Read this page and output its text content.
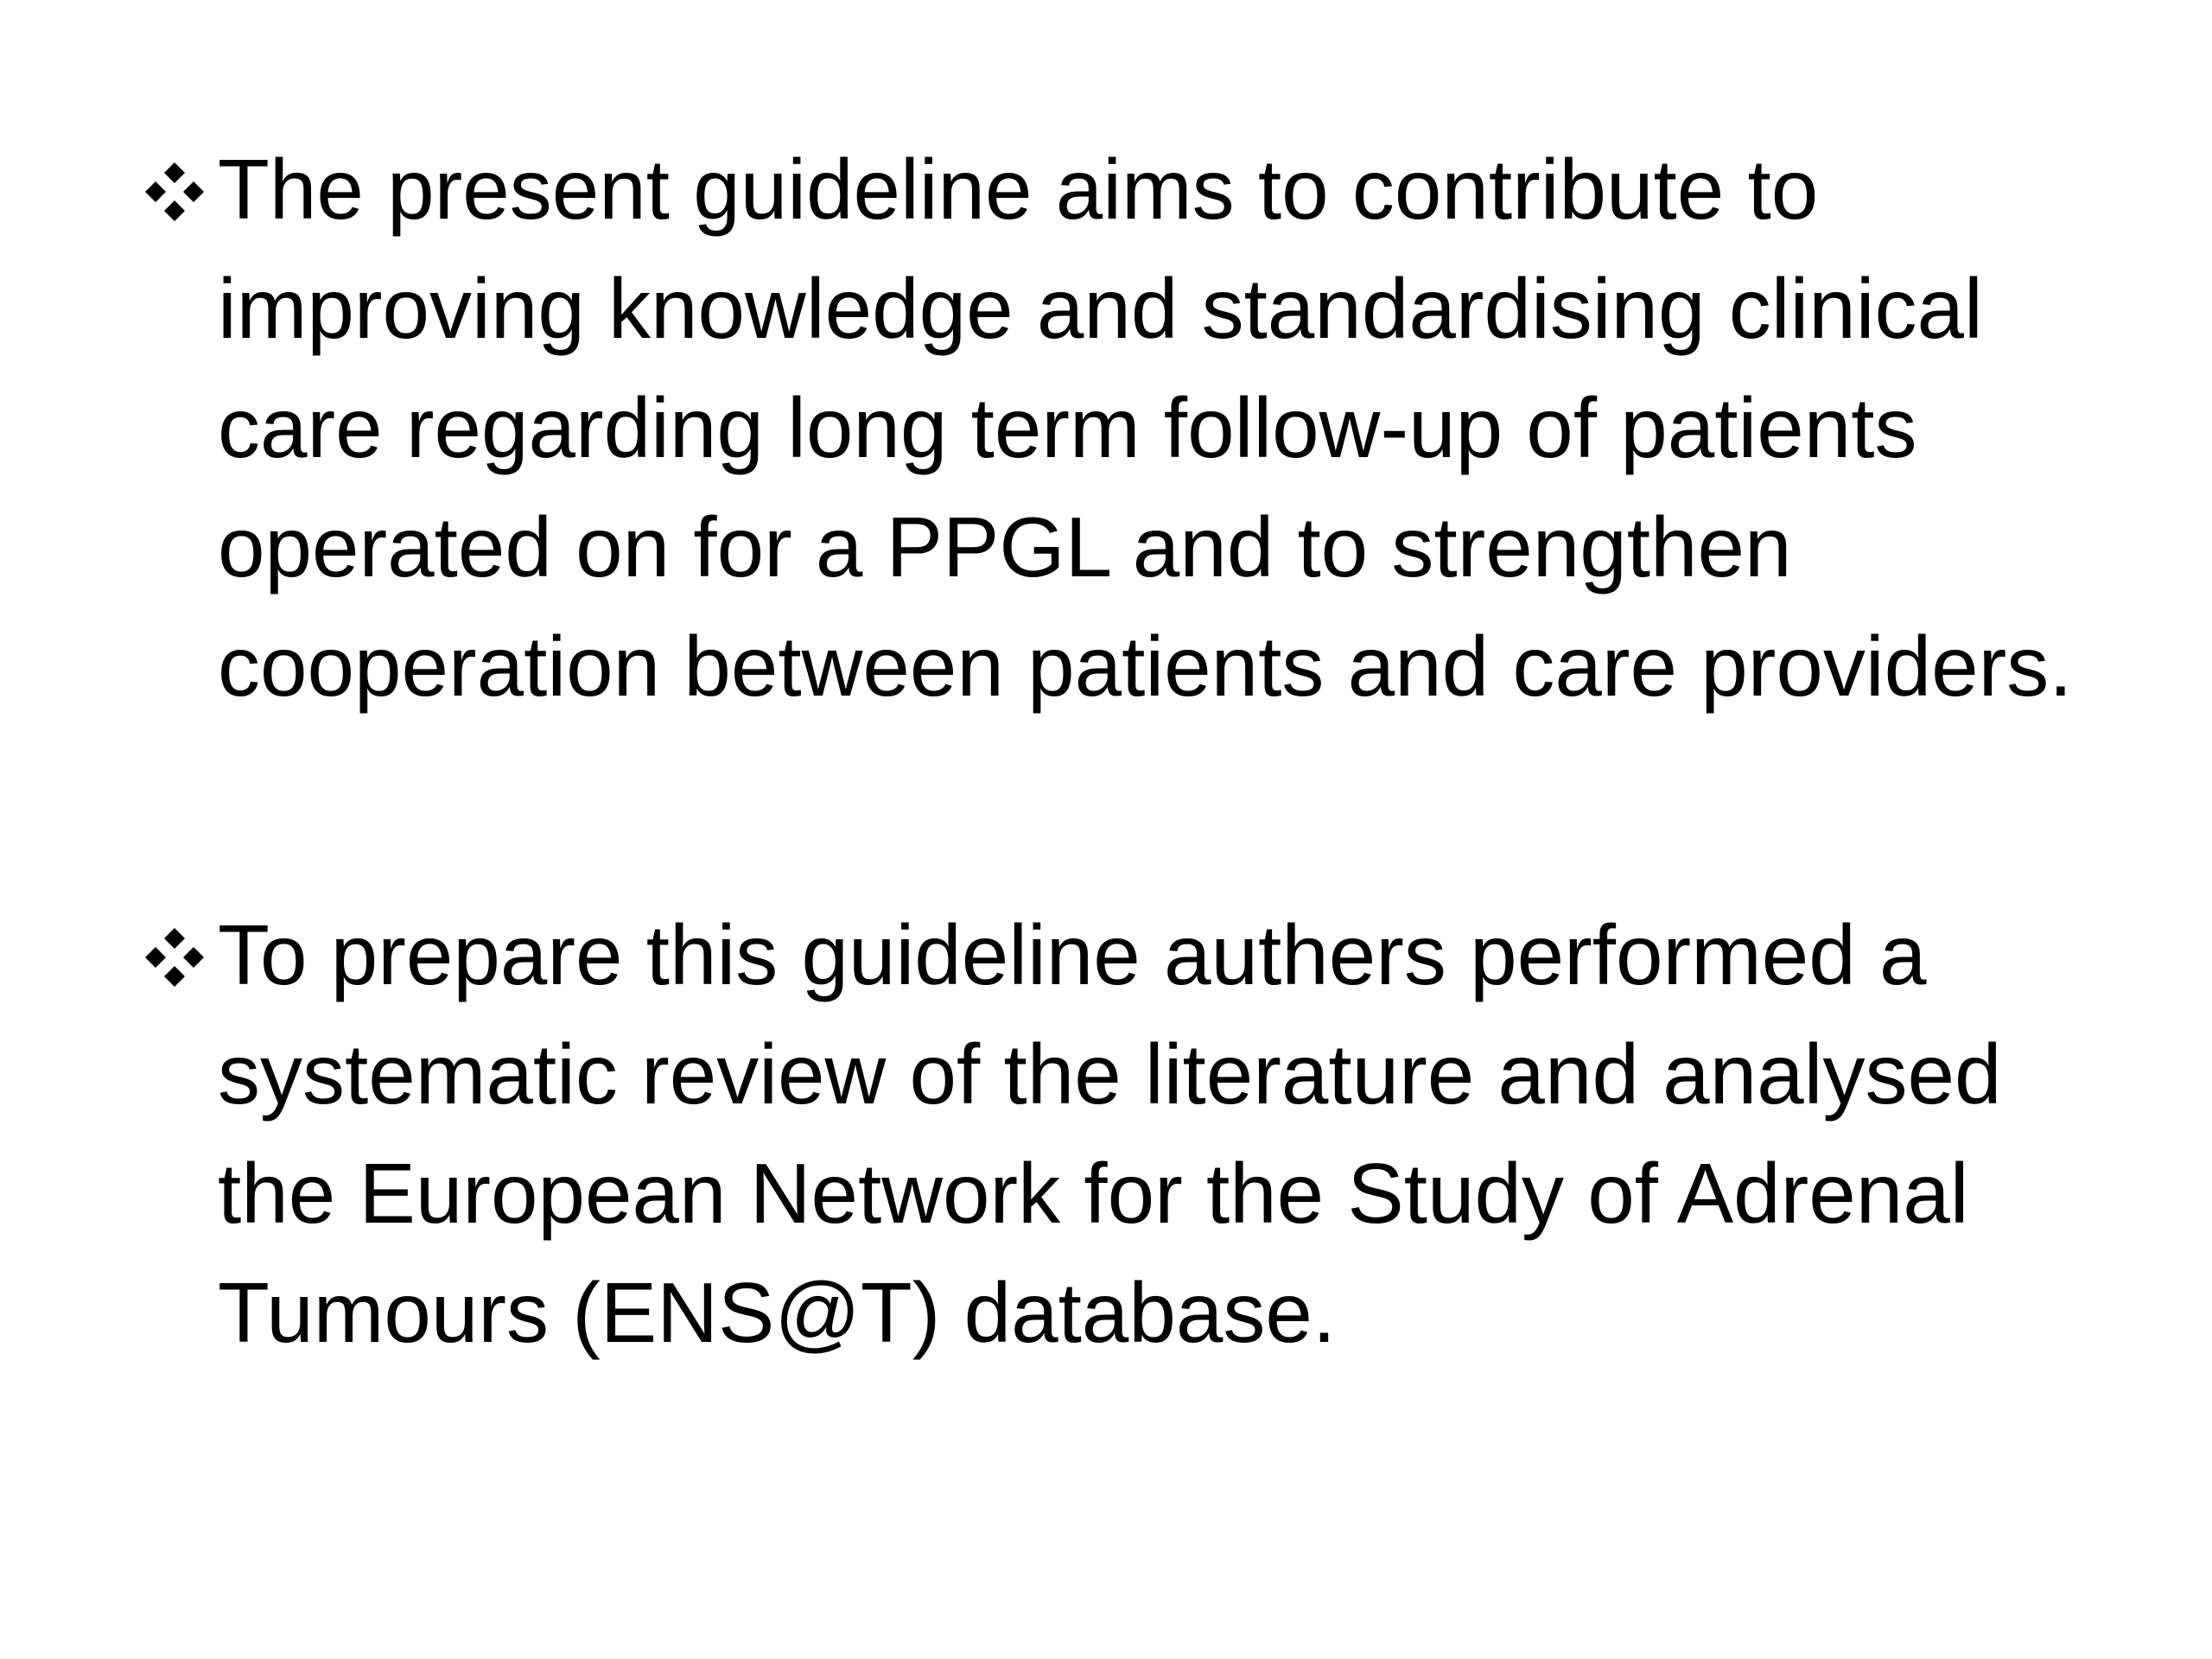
The present guideline aims to contribute to improving knowledge and standardising clinical care regarding long term follow-up of patients operated on for a PPGL and to strengthen cooperation between patients and care providers.
To prepare this guideline authers performed a systematic review of the literature and analysed the European Network for the Study of Adrenal Tumours (ENS@T) database.
